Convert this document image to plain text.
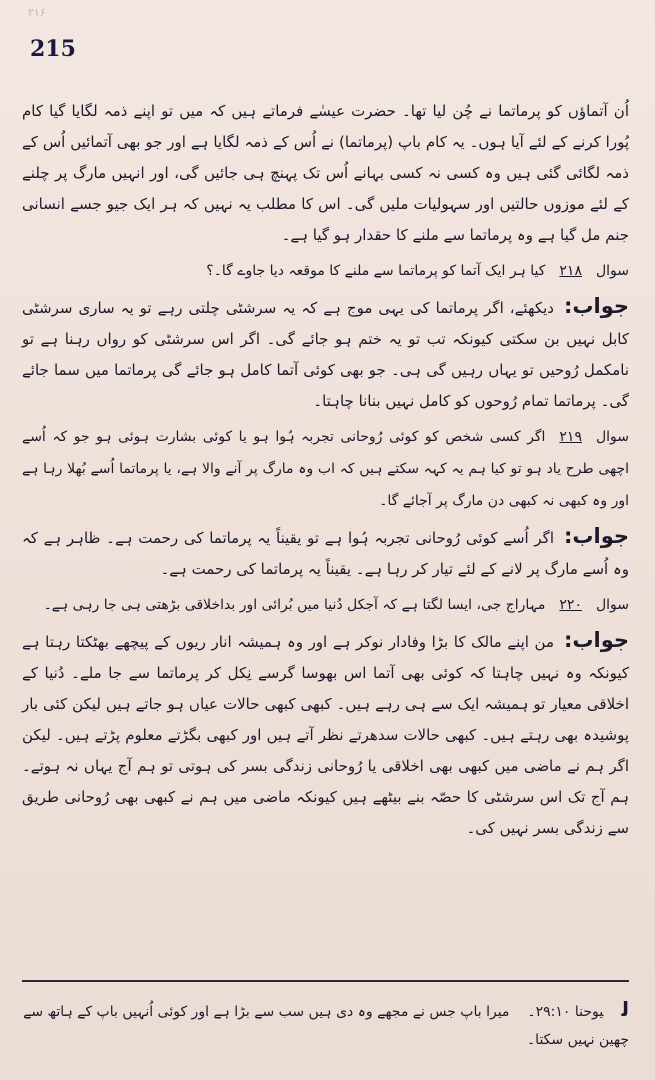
۲۱۶
215

اُن آتماؤں کو پرماتما نے چُن لیا تھا۔ حضرت عیسٰے فرماتے ہیں کہ میں تو اپنے ذمہ لگایا گیا کام پُورا کرنے کے لئے آیا ہوں۔ یہ کام باپ (پرماتما) نے اُس کے ذمہ لگایا ہے اور جو بھی آتمائیں اُس کے ذمہ لگائی گئی ہیں وہ کسی نہ کسی بہانے اُس تک پہنچ ہی جائیں گی، اور انہیں مارگ پر چلنے کے لئے موزوں حالتیں اور سہولیات ملیں گی۔ اس کا مطلب یہ نہیں کہ ہر ایک جیو جسے انسانی جنم مل گیا ہے وہ پرماتما سے ملنے کا حقدار ہو گیا ہے۔

سوال۲۱۸کیا ہر ایک آتما کو پرماتما سے ملنے کا موقعہ دیا جاوے گا۔؟

جواب:دیکھئے، اگر پرماتما کی یہی موج ہے کہ یہ سرشٹی چلتی رہے تو یہ ساری سرشٹی کابل نہیں بن سکتی کیونکہ تب تو یہ ختم ہو جائے گی۔ اگر اس سرشٹی کو رواں رہنا ہے تو نامکمل رُوحیں تو یہاں رہیں گی ہی۔ جو بھی کوئی آتما کامل ہو جائے گی پرماتما میں سما جائے گی۔ پرماتما تمام رُوحوں کو کامل نہیں بنانا چاہتا۔

سوال۲۱۹اگر کسی شخص کو کوئی رُوحانی تجربہ ہُوا ہو یا کوئی بشارت ہوئی ہو جو کہ اُسے اچھی طرح یاد ہو تو کیا ہم یہ کہہ سکتے ہیں کہ اب وہ مارگ پر آنے والا ہے، یا پرماتما اُسے بُھلا رہا ہے اور وہ کبھی نہ کبھی دن مارگ پر آجائے گا۔

جواب:اگر اُسے کوئی رُوحانی تجربہ ہُوا ہے تو یقیناً یہ پرماتما کی رحمت ہے۔ ظاہر ہے کہ وہ اُسے مارگ پر لانے کے لئے تیار کر رہا ہے۔ یقیناً یہ پرماتما کی رحمت ہے۔

سوال۲۲۰مہاراج جی، ایسا لگتا ہے کہ آجکل دُنیا میں بُرائی اور بداخلاقی بڑھتی ہی جا رہی ہے۔

جواب:من اپنے مالک کا بڑا وفادار نوکر ہے اور وہ ہمیشہ انار ریوں کے پیچھے بھٹکتا رہتا ہے کیونکہ وہ نہیں چاہتا کہ کوئی بھی آتما اس بھوسا گرسے نِکل کر پرماتما سے جا ملے۔ دُنیا کے اخلاقی معیار تو ہمیشہ ایک سے ہی رہے ہیں۔ کبھی کبھی حالات عیاں ہو جاتے ہیں لیکن کئی بار پوشیدہ بھی رہتے ہیں۔ کبھی حالات سدھرتے نظر آتے ہیں اور کبھی بگڑتے معلوم پڑتے ہیں۔ لیکن اگر ہم نے ماضی میں کبھی بھی اخلاقی یا رُوحانی زندگی بسر کی ہوتی تو ہم آج یہاں نہ ہوتے۔ ہم آج تک اس سرشٹی کا حصّہ بنے بیٹھے ہیں کیونکہ ماضی میں ہم نے کبھی بھی رُوحانی طریق سے زندگی بسر نہیں کی۔

لیوحنا ۲۹:۱۰۔میرا باپ جس نے مجھے وہ دی ہیں سب سے بڑا ہے اور کوئی اُنہیں باپ کے ہاتھ سے چھین نہیں سکتا۔
